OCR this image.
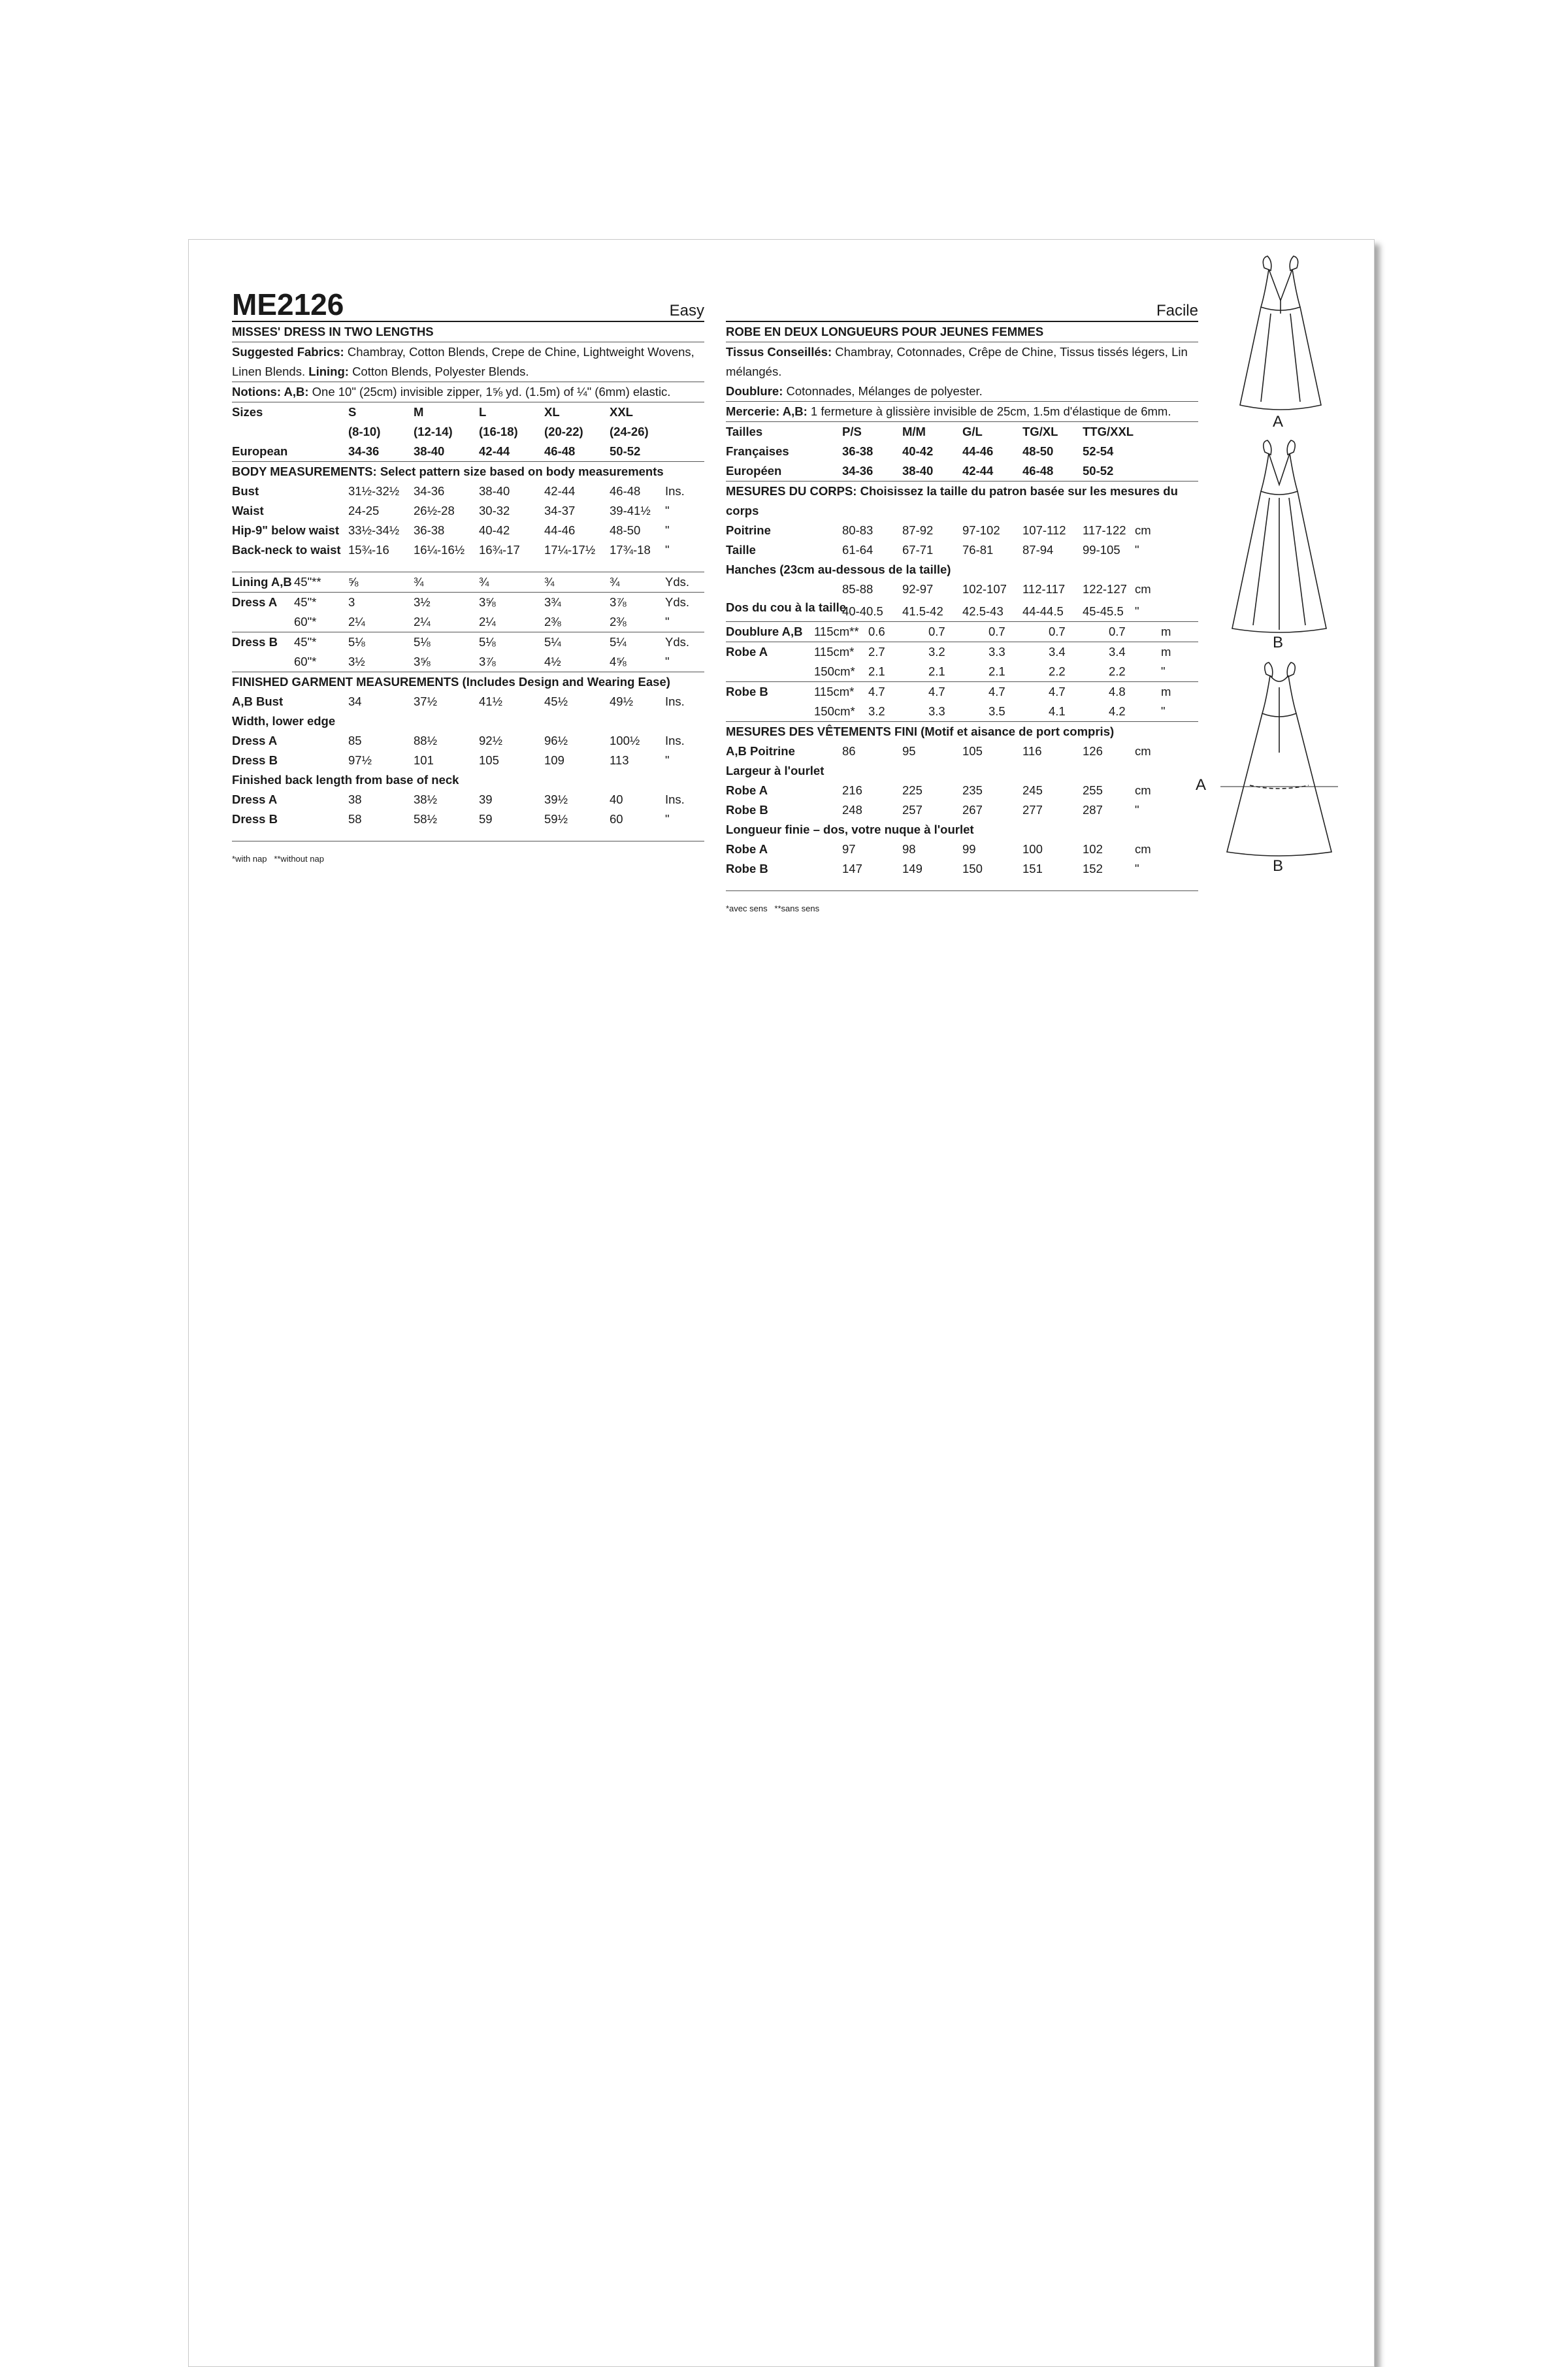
ME2126	Easy
MISSES' DRESS IN TWO LENGTHS
Suggested Fabrics: Chambray, Cotton Blends, Crepe de Chine, Lightweight Wovens, Linen Blends. Lining: Cotton Blends, Polyester Blends.
Notions: A,B: One 10" (25cm) invisible zipper, 1⅝ yd. (1.5m) of ¼" (6mm) elastic.
Sizes	S	M	L	XL	XXL
(8-10)	(12-14)	(16-18)	(20-22)	(24-26)
European	34-36	38-40	42-44	46-48	50-52
BODY MEASUREMENTS: Select pattern size based on body measurements
Bust	31½-32½	34-36	38-40	42-44	46-48	Ins.
Waist	24-25	26½-28	30-32	34-37	39-41½	"
Hip-9" below waist 33½-34½	36-38	40-42	44-46	48-50	"
Back-neck to waist 15¾-16	16¼-16½	16¾-17	17¼-17½	17¾-18	"
Lining A,B 45"**	⅝	¾	¾	¾	¾	Yds.
Dress A	45"*	3	3½	3⅝	3¾	3⅞	Yds.
60"*	2¼	2¼	2¼	2⅜	2⅜	"
Dress B	45"*	5⅛	5⅛	5⅛	5¼	5¼	Yds.
60"*	3½	3⅝	3⅞	4½	4⅝	"
FINISHED GARMENT MEASUREMENTS (Includes Design and Wearing Ease)
A,B Bust	34	37½	41½	45½	49½	Ins.
Width, lower edge
Dress A	85	88½	92½	96½	100½	Ins.
Dress B	97½	101	105	109	113	"
Finished back length from base of neck
Dress A	38	38½	39	39½	40	Ins.
Dress B	58	58½	59	59½	60	"
*with nap   **without nap
Facile
ROBE EN DEUX LONGUEURS POUR JEUNES FEMMES
Tissus Conseillés: Chambray, Cotonnades, Crêpe de Chine, Tissus tissés légers, Lin mélangés.
Doublure: Cotonnades, Mélanges de polyester.
Mercerie: A,B: 1 fermeture à glissière invisible de 25cm, 1.5m d'élastique de 6mm.
Tailles	P/S	M/M	G/L	TG/XL	TTG/XXL
Françaises	36-38	40-42	44-46	48-50	52-54
Européen	34-36	38-40	42-44	46-48	50-52
MESURES DU CORPS: Choisissez la taille du patron basée sur les mesures du corps
Poitrine	80-83	87-92	97-102	107-112	117-122 cm
Taille	61-64	67-71	76-81	87-94	99-105	"
Hanches (23cm au-dessous de la taille)
85-88	92-97	102-107	112-117	122-127 cm
Dos du cou à la taille
40-40.5	41.5-42	42.5-43	44-44.5	45-45.5 "
Doublure A,B 115cm** 0.6	0.7	0.7	0.7	0.7	m
Robe A	115cm*	2.7	3.2	3.3	3.4	3.4	m
150cm*	2.1	2.1	2.1	2.2	2.2	"
Robe B	115cm*	4.7	4.7	4.7	4.7	4.8	m
150cm*	3.2	3.3	3.5	4.1	4.2	"
MESURES DES VÊTEMENTS FINI (Motif et aisance de port compris)
A,B Poitrine	86	95	105	116	126	cm
Largeur à l'ourlet
Robe A	216	225	235	245	255	cm
Robe B	248	257	267	277	287	"
Longueur finie – dos, votre nuque à l'ourlet
Robe A	97	98	99	100	102	cm
Robe B	147	149	150	151	152	"
*avec sens   **sans sens
A
B
A
B
